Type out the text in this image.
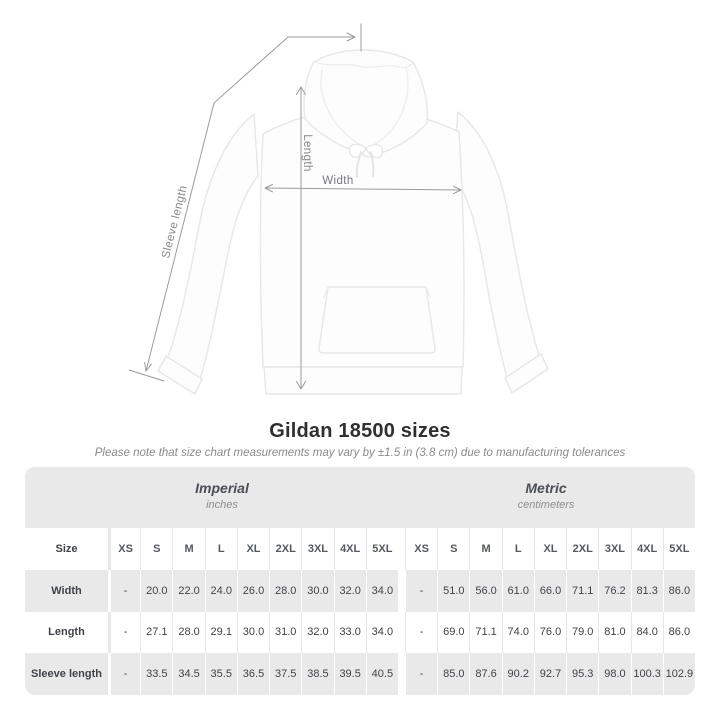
Width
Length
Sleeve length
Gildan 18500 sizes
Please note that size chart measurements may vary by ±1.5 in (3.8 cm) due to manufacturing tolerances
Imperial
inches
Metric
centimeters
Size	XS	S	M	L	XL	2XL	3XL	4XL	5XL	XS	S	M	L	XL	2XL	3XL	4XL	5XL
Width	-	20.0 22.0 24.0 26.0 28.0 30.0 32.0 34.0	-	51.0 56.0 61.0 66.0 71.1 76.2 81.3 86.0
Length	-	27.1 28.0 29.1 30.0 31.0 32.0 33.0 34.0	-	69.0 71.1 74.0 76.0 79.0 81.0 84.0 86.0
Sleeve length	-	33.5 34.5 35.5 36.5 37.5 38.5 39.5 40.5	-	85.0 87.6 90.2 92.7 95.3 98.0 100.3 102.9
